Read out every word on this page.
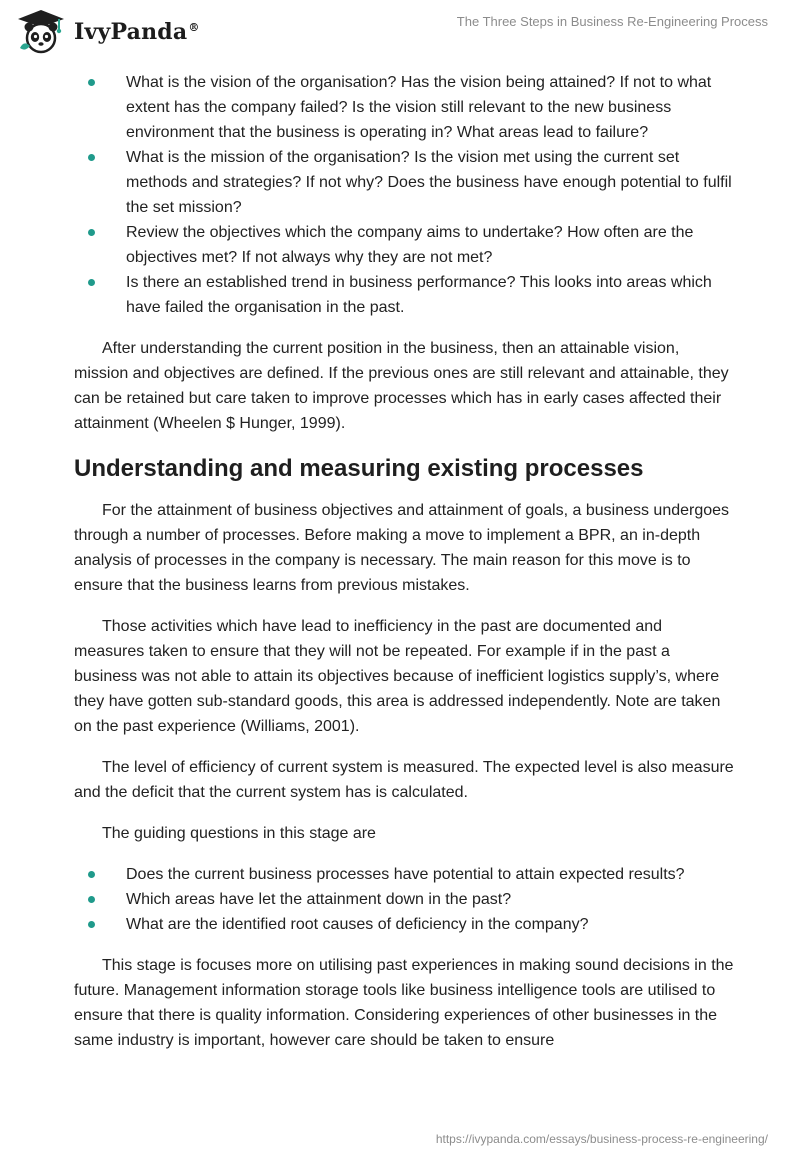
IvyPanda®	The Three Steps in Business Re-Engineering Process
What is the vision of the organisation? Has the vision being attained? If not to what extent has the company failed? Is the vision still relevant to the new business environment that the business is operating in? What areas lead to failure?
What is the mission of the organisation? Is the vision met using the current set methods and strategies? If not why? Does the business have enough potential to fulfil the set mission?
Review the objectives which the company aims to undertake? How often are the objectives met? If not always why they are not met?
Is there an established trend in business performance? This looks into areas which have failed the organisation in the past.

After understanding the current position in the business, then an attainable vision, mission and objectives are defined. If the previous ones are still relevant and attainable, they can be retained but care taken to improve processes which has in early cases affected their attainment (Wheelen $ Hunger, 1999).

Understanding and measuring existing processes

For the attainment of business objectives and attainment of goals, a business undergoes through a number of processes. Before making a move to implement a BPR, an in-depth analysis of processes in the company is necessary. The main reason for this move is to ensure that the business learns from previous mistakes.

Those activities which have lead to inefficiency in the past are documented and measures taken to ensure that they will not be repeated. For example if in the past a business was not able to attain its objectives because of inefficient logistics supply’s, where they have gotten sub-standard goods, this area is addressed independently. Note are taken on the past experience (Williams, 2001).

The level of efficiency of current system is measured. The expected level is also measure and the deficit that the current system has is calculated.

The guiding questions in this stage are

Does the current business processes have potential to attain expected results?
Which areas have let the attainment down in the past?
What are the identified root causes of deficiency in the company?

This stage is focuses more on utilising past experiences in making sound decisions in the future. Management information storage tools like business intelligence tools are utilised to ensure that there is quality information. Considering experiences of other businesses in the same industry is important, however care should be taken to ensure

https://ivypanda.com/essays/business-process-re-engineering/
